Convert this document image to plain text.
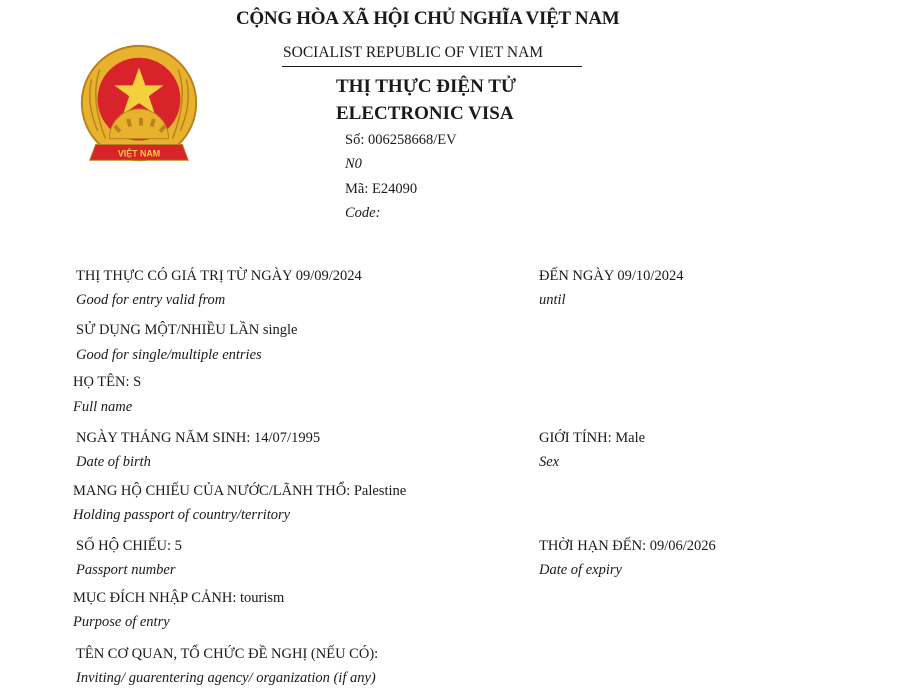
VIỆT NAM
CỘNG HÒA XÃ HỘI CHỦ NGHĨA VIỆT NAM
SOCIALIST REPUBLIC OF VIET NAM
THỊ THỰC ĐIỆN TỬ
ELECTRONIC VISA
Số: 006258668/EV
N0
Mã: E24090
Code:
THỊ THỰC CÓ GIÁ TRỊ TỪ NGÀY 09/09/2024
Good for entry valid from
ĐẾN NGÀY 09/10/2024
until
SỬ DỤNG MỘT/NHIỀU LẦN single
Good for single/multiple entries
HỌ TÊN: S
Full name
NGÀY THÁNG NĂM SINH: 14/07/1995
Date of birth
GIỚI TÍNH: Male
Sex
MANG HỘ CHIẾU CỦA NƯỚC/LÃNH THỔ: Palestine
Holding passport of country/territory
SỐ HỘ CHIẾU: 5
Passport number
THỜI HẠN ĐẾN: 09/06/2026
Date of expiry
MỤC ĐÍCH NHẬP CẢNH: tourism
Purpose of entry
TÊN CƠ QUAN, TỔ CHỨC ĐỀ NGHỊ (NẾU CÓ):
Inviting/ guarentering agency/ organization (if any)
